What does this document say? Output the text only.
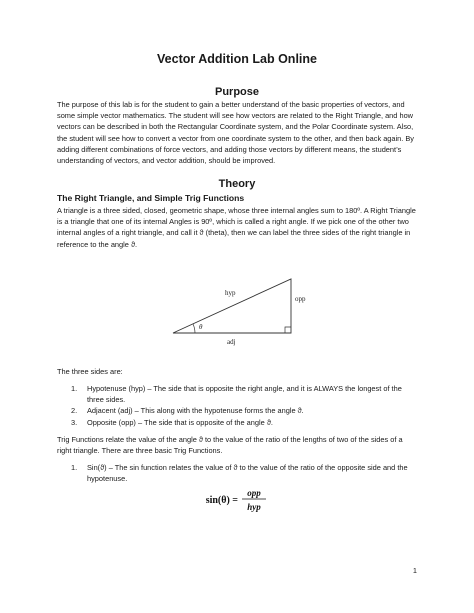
Vector Addition Lab Online
Purpose

The purpose of this lab is for the student to gain a better understand of the basic properties of vectors, and some simple vector mathematics. The student will see how vectors are related to the Right Triangle, and how vectors can be described in both the Rectangular Coordinate system, and the Polar Coordinate system. Also, the student will see how to convert a vector from one coordinate system to the other, and then back again. By adding different combinations of force vectors, and adding those vectors by different means, the student’s understanding of vectors, and vector addition, should be improved.

Theory
The Right Triangle, and Simple Trig Functions

A triangle is a three sided, closed, geometric shape, whose three internal angles sum to 180º. A Right Triangle is a triangle that one of its internal Angles is 90º, which is called a right angle. If we pick one of the other two internal angles of a right triangle, and call it ϑ (theta), then we can label the three sides of the right triangle in reference to the angle ϑ.

hyp
opp
adj
θ

The three sides are:

1. Hypotenuse (hyp) – The side that is opposite the right angle, and it is ALWAYS the longest of the three sides.
2. Adjacent (adj) – This along with the hypotenuse forms the angle ϑ.
3. Opposite (opp) – The side that is opposite of the angle ϑ.

Trig Functions relate the value of the angle ϑ to the value of the ratio of the lengths of two of the sides of a right triangle. There are three basic Trig Functions.

1. Sin(ϑ) – The sin function relates the value of ϑ to the value of the ratio of the opposite side and the hypotenuse.
sin(θ) =
opp
hyp
1
